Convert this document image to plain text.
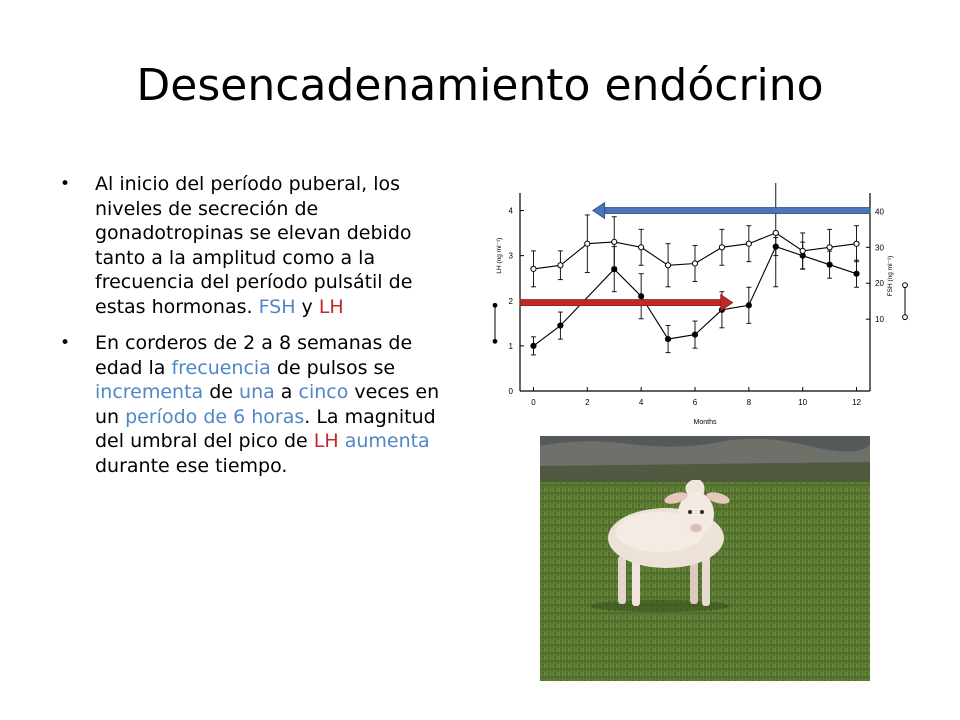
Desencadenamiento endócrino
• Al inicio del período puberal, los niveles de secreción de gonadotropinas se elevan debido tanto a la amplitud como a la frecuencia del período pulsátil de estas hormonas. FSH y LH
• En corderos de 2 a 8 semanas de edad la frecuencia de pulsos se incrementa de una a cinco veces en un período de 6 horas. La magnitud del umbral del pico de LH aumenta durante ese tiempo.
0
1
2
3
4
10
20
30
40
0	2	4	6	8	10	12
Months
LH (ng ml⁻¹)
FSH (ng ml⁻¹)
